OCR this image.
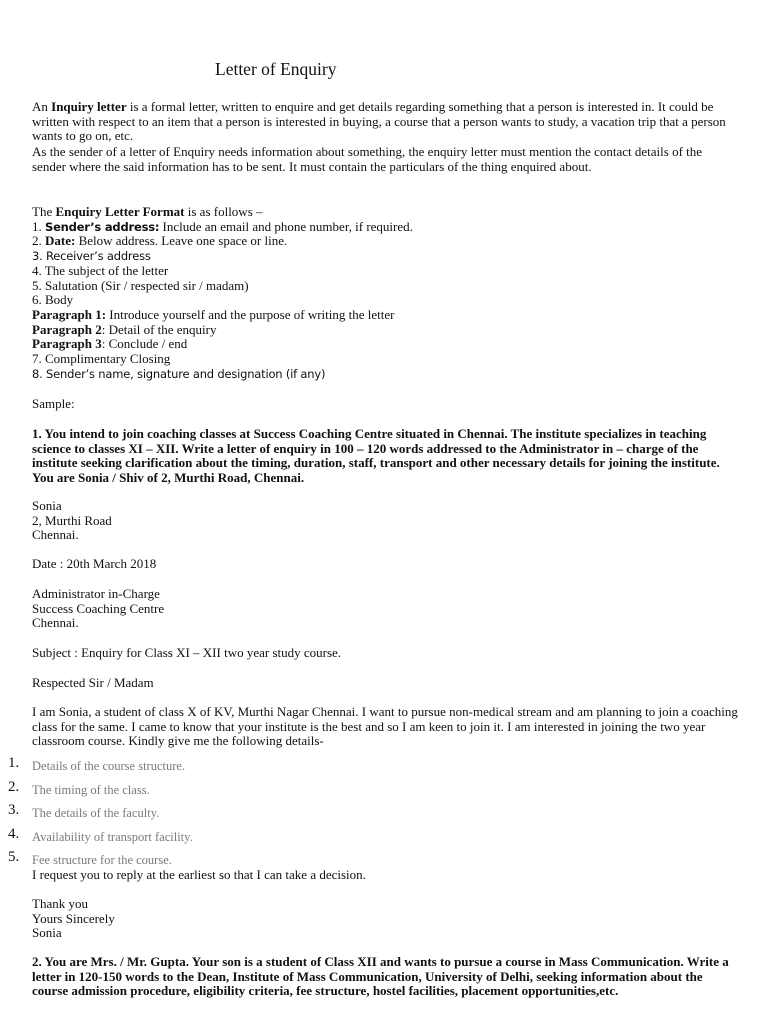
Letter of Enquiry
An Inquiry letter is a formal letter, written to enquire and get details regarding something that a person is interested in. It could be written with respect to an item that a person is interested in buying, a course that a person wants to study, a vacation trip that a person wants to go on, etc.
As the sender of a letter of Enquiry needs information about something, the enquiry letter must mention the contact details of the sender where the said information has to be sent. It must contain the particulars of the thing enquired about.
The Enquiry Letter Format is as follows –
1. Sender’s address: Include an email and phone number, if required.
2. Date: Below address. Leave one space or line.
3. Receiver’s address
4. The subject of the letter
5. Salutation (Sir / respected sir / madam)
6. Body
Paragraph 1: Introduce yourself and the purpose of writing the letter
Paragraph 2: Detail of the enquiry
Paragraph 3: Conclude / end
7. Complimentary Closing
8. Sender’s name, signature and designation (if any)
Sample:
1. You intend to join coaching classes at Success Coaching Centre situated in Chennai. The institute specializes in teaching science to classes XI – XII. Write a letter of enquiry in 100 – 120 words addressed to the Administrator in – charge of the institute seeking clarification about the timing, duration, staff, transport and other necessary details for joining the institute. You are Sonia / Shiv of 2, Murthi Road, Chennai.
Sonia
2, Murthi Road
Chennai.
Date : 20th March 2018
Administrator in-Charge
Success Coaching Centre
Chennai.
Subject : Enquiry for Class XI – XII two year study course.
Respected Sir / Madam
I am Sonia, a student of class X of KV, Murthi Nagar Chennai. I want to pursue non-medical stream and am planning to join a coaching class for the same. I came to know that your institute is the best and so I am keen to join it. I am interested in joining the two year classroom course. Kindly give me the following details-
1. Details of the course structure.
2. The timing of the class.
3. The details of the faculty.
4. Availability of transport facility.
5. Fee structure for the course.
I request you to reply at the earliest so that I can take a decision.
Thank you
Yours Sincerely
Sonia
2. You are Mrs. / Mr. Gupta. Your son is a student of Class XII and wants to pursue a course in Mass Communication. Write a letter in 120-150 words to the Dean, Institute of Mass Communication, University of Delhi, seeking information about the course admission procedure, eligibility criteria, fee structure, hostel facilities, placement opportunities,etc.
